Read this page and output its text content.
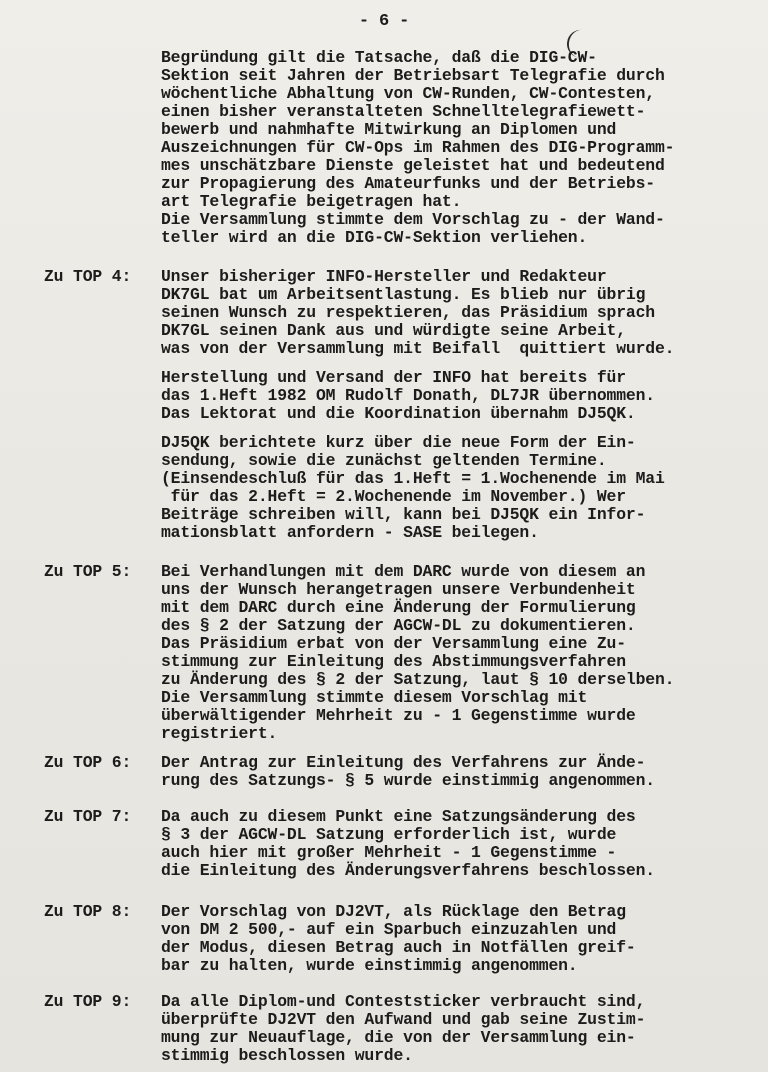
- 6 -
Begründung gilt die Tatsache, daß die DIG-CW-
Sektion seit Jahren der Betriebsart Telegrafie durch
wöchentliche Abhaltung von CW-Runden, CW-Contesten,
einen bisher veranstalteten Schnelltelegrafiewett-
bewerb und nahmhafte Mitwirkung an Diplomen und
Auszeichnungen für CW-Ops im Rahmen des DIG-Programm-
mes unschätzbare Dienste geleistet hat und bedeutend
zur Propagierung des Amateurfunks und der Betriebs-
art Telegrafie beigetragen hat.
Die Versammlung stimmte dem Vorschlag zu - der Wand-
teller wird an die DIG-CW-Sektion verliehen.
Zu TOP 4: Unser bisheriger INFO-Hersteller und Redakteur
DK7GL bat um Arbeitsentlastung. Es blieb nur übrig
seinen Wunsch zu respektieren, das Präsidium sprach
DK7GL seinen Dank aus und würdigte seine Arbeit,
was von der Versammlung mit Beifall  quittiert wurde.
Herstellung und Versand der INFO hat bereits für
das 1.Heft 1982 OM Rudolf Donath, DL7JR übernommen.
Das Lektorat und die Koordination übernahm DJ5QK.
DJ5QK berichtete kurz über die neue Form der Ein-
sendung, sowie die zunächst geltenden Termine.
(Einsendeschluß für das 1.Heft = 1.Wochenende im Mai
für das 2.Heft = 2.Wochenende im November.) Wer
Beiträge schreiben will, kann bei DJ5QK ein Infor-
mationsblatt anfordern - SASE beilegen.
Zu TOP 5: Bei Verhandlungen mit dem DARC wurde von diesem an
uns der Wunsch herangetragen unsere Verbundenheit
mit dem DARC durch eine Änderung der Formulierung
des § 2 der Satzung der AGCW-DL zu dokumentieren.
Das Präsidium erbat von der Versammlung eine Zu-
stimmung zur Einleitung des Abstimmungsverfahren
zu Änderung des § 2 der Satzung, laut § 10 derselben.
Die Versammlung stimmte diesem Vorschlag mit
überwältigender Mehrheit zu - 1 Gegenstimme wurde
registriert.
Zu TOP 6: Der Antrag zur Einleitung des Verfahrens zur Ände-
rung des Satzungs- § 5 wurde einstimmig angenommen.
Zu TOP 7: Da auch zu diesem Punkt eine Satzungsänderung des
§ 3 der AGCW-DL Satzung erforderlich ist, wurde
auch hier mit großer Mehrheit - 1 Gegenstimme -
die Einleitung des Änderungsverfahrens beschlossen.
Zu TOP 8: Der Vorschlag von DJ2VT, als Rücklage den Betrag
von DM 2 500,- auf ein Sparbuch einzuzahlen und
der Modus, diesen Betrag auch in Notfällen greif-
bar zu halten, wurde einstimmig angenommen.
Zu TOP 9: Da alle Diplom-und Conteststicker verbraucht sind,
überprüfte DJ2VT den Aufwand und gab seine Zustim-
mung zur Neuauflage, die von der Versammlung ein-
stimmig beschlossen wurde.
